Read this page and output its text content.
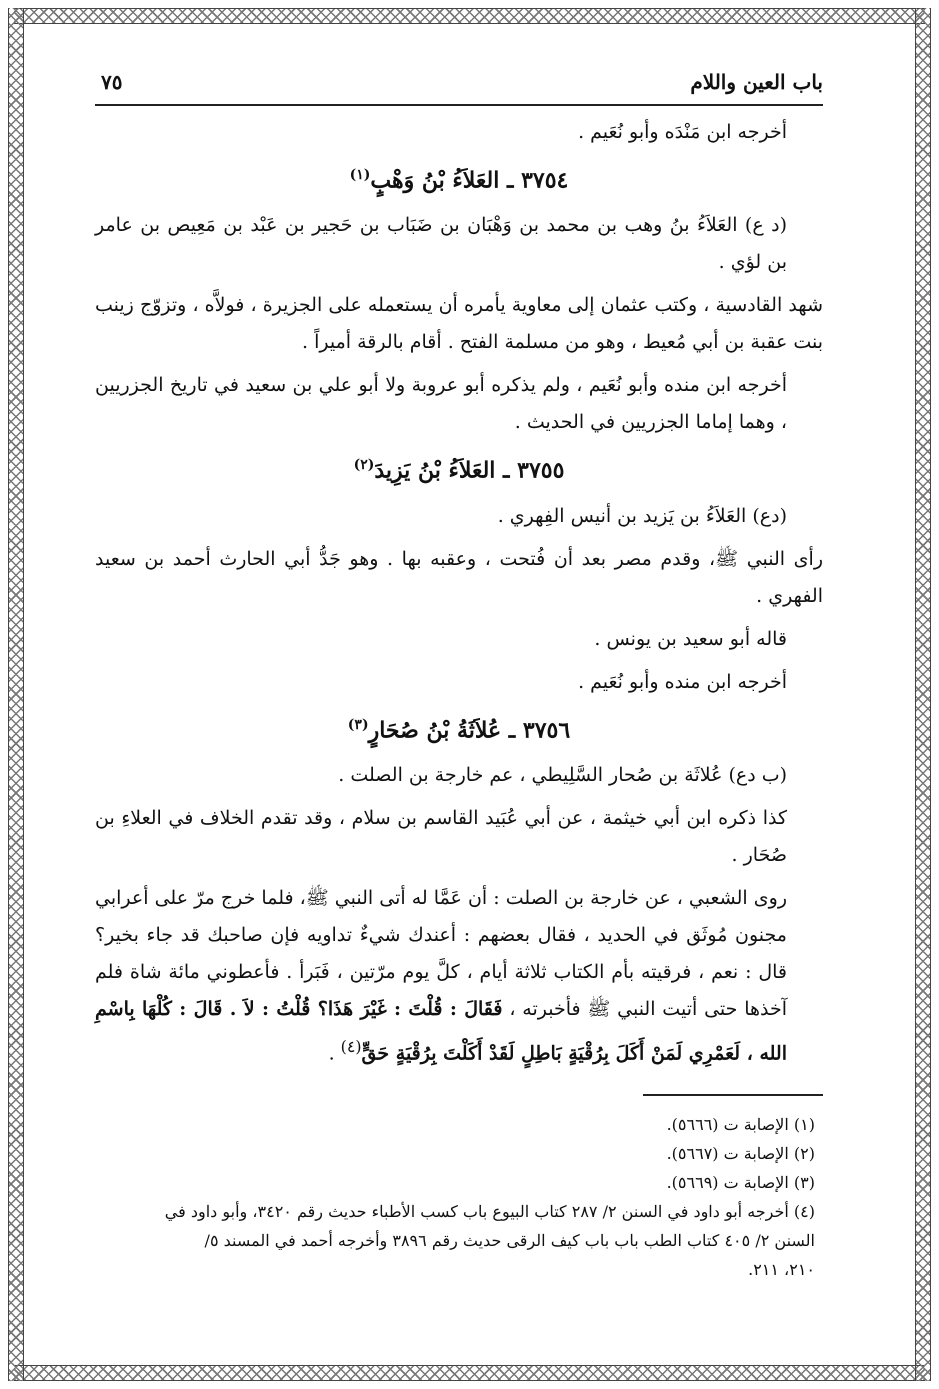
باب العين واللام
٧٥

أخرجه ابن مَنْدَه وأبو نُعَيم .

٣٧٥٤ ـ العَلاَءُ بْنُ وَهْبٍ$^{(١)}$

(د ع) العَلاَءُ بنُ وهب بن محمد بن وَهْبَان بن ضَبَاب بن حَجير بن عَبْد بن مَعِيص بن عامر بن لؤي .

شهد القادسية ، وكتب عثمان إلى معاوية يأمره أن يستعمله على الجزيرة ، فولاَّه ، وتزوّج زينب بنت عقبة بن أبي مُعيط ، وهو من مسلمة الفتح . أقام بالرقة أميراً .

أخرجه ابن منده وأبو نُعَيم ، ولم يذكره أبو عروبة ولا أبو علي بن سعيد في تاريخ الجزريين ، وهما إماما الجزريين في الحديث .

٣٧٥٥ ـ العَلاَءُ بْنُ يَزِيدَ$^{(٢)}$

(دع) العَلاَءُ بن يَزيد بن أنيس الفِهري .

رأى النبي ﷺ، وقدم مصر بعد أن فُتحت ، وعقبه بها . وهو جَدُّ أبي الحارث أحمد بن سعيد الفهري .

قاله أبو سعيد بن يونس .

أخرجه ابن منده وأبو نُعَيم .

٣٧٥٦ ـ عُلاَثَةُ بْنُ صُحَارٍ$^{(٣)}$

(ب دع) عُلاثَة بن صُحار السَّلِيطي ، عم خارجة بن الصلت .

كذا ذكره ابن أبي خيثمة ، عن أبي عُبَيد القاسم بن سلام ، وقد تقدم الخلاف في العلاءِ بن صُحَار .

روى الشعبي ، عن خارجة بن الصلت : أن عَمَّا له أتى النبي ﷺ، فلما خرج مرّ على أعرابي مجنون مُوثَق في الحديد ، فقال بعضهم : أعندك شيءٌ تداويه فإن صاحبك قد جاء بخير؟ قال : نعم ، فرقيته بأم الكتاب ثلاثة أيام ، كلَّ يوم مرّتين ، فَبَرأ . فأعطوني مائة شاة فلم آخذها حتى أتيت النبي ﷺ فأخبرته ، فَقَالَ : قُلْتَ : غَيْرَ هَذَا؟ قُلْتُ : لاَ . قَالَ : كُلْهَا بِاسْمِ الله ، لَعَمْرِي لَمَنْ أَكَلَ بِرُقْيَةٍ بَاطِلٍ لَقَدْ أَكَلْتَ بِرُقْيَةٍ حَقٍّ$^{(٤)}$ .

(١) الإصابة ت (٥٦٦٦).

(٢) الإصابة ت (٥٦٦٧).

(٣) الإصابة ت (٥٦٦٩).

(٤) أخرجه أبو داود في السنن ٢/ ٢٨٧ كتاب البيوع باب كسب الأطباء حديث رقم ٣٤٢٠، وأبو داود في

السنن ٢/ ٤٠٥ كتاب الطب باب باب كيف الرقى حديث رقم ٣٨٩٦ وأخرجه أحمد في المسند ٥/

٢١٠، ٢١١.
